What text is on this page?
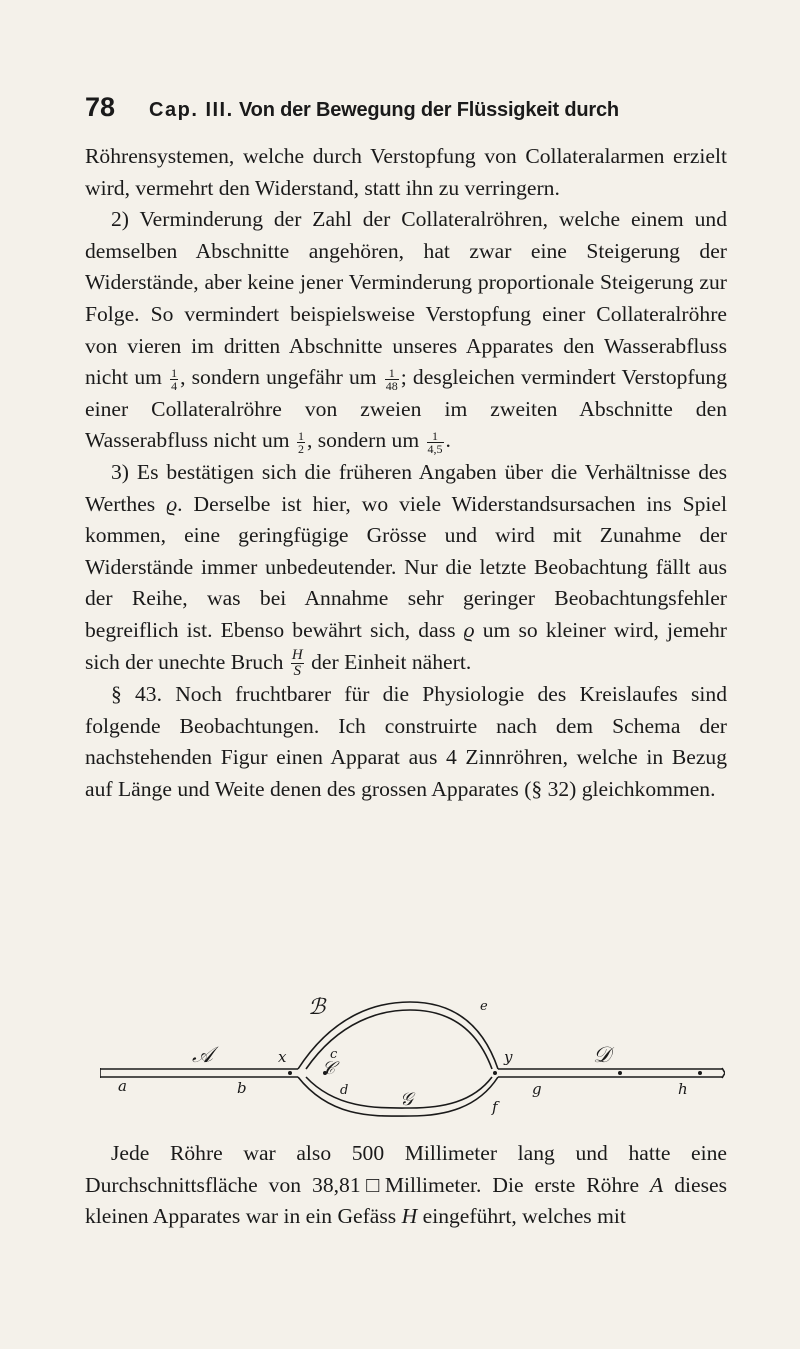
78 Cap. III. Von der Bewegung der Flüssigkeit durch

Röhrensystemen, welche durch Verstopfung von Collateralarmen erzielt wird, vermehrt den Widerstand, statt ihn zu verringern.

2) Verminderung der Zahl der Collateralröhren, welche einem und demselben Abschnitte angehören, hat zwar eine Steigerung der Widerstände, aber keine jener Verminderung proportionale Steigerung zur Folge. So vermindert beispielsweise Verstopfung einer Collateralröhre von vieren im dritten Abschnitte unseres Apparates den Wasserabfluss nicht um $\frac{1}{4}$ , sondern ungefähr um $\frac{1}{48}$ ; desgleichen vermindert Verstopfung einer Collateralröhre von zweien im zweiten Abschnitte den Wasserabfluss nicht um $\frac{1}{2}$ , sondern um $\frac{1}{4,5}$ .

3) Es bestätigen sich die früheren Angaben über die Verhältnisse des Werthes ϱ. Derselbe ist hier, wo viele Widerstandsursachen ins Spiel kommen, eine geringfügige Grösse und wird mit Zunahme der Widerstände immer unbedeutender. Nur die letzte Beobachtung fällt aus der Reihe, was bei Annahme sehr geringer Beobachtungsfehler begreiflich ist. Ebenso bewährt sich, dass ϱ um so kleiner wird, jemehr sich der unechte Bruch $\frac{H}{S}$ der Einheit nähert.

§ 43. Noch fruchtbarer für die Physiologie des Kreislaufes sind folgende Beobachtungen. Ich construirte nach dem Schema der nachstehenden Figur einen Apparat aus 4 Zinnröhren, welche in Bezug auf Länge und Weite denen des grossen Apparates (§ 32) gleichkommen.

ℬ
𝒜	𝒟
𝒞
𝒢
a	b
c
d
e
f
g	h
x	y

Jede Röhre war also 500 Millimeter lang und hatte eine Durchschnittsfläche von 38,81□Millimeter. Die erste Röhre A dieses kleinen Apparates war in ein Gefäss H eingeführt, welches mit
